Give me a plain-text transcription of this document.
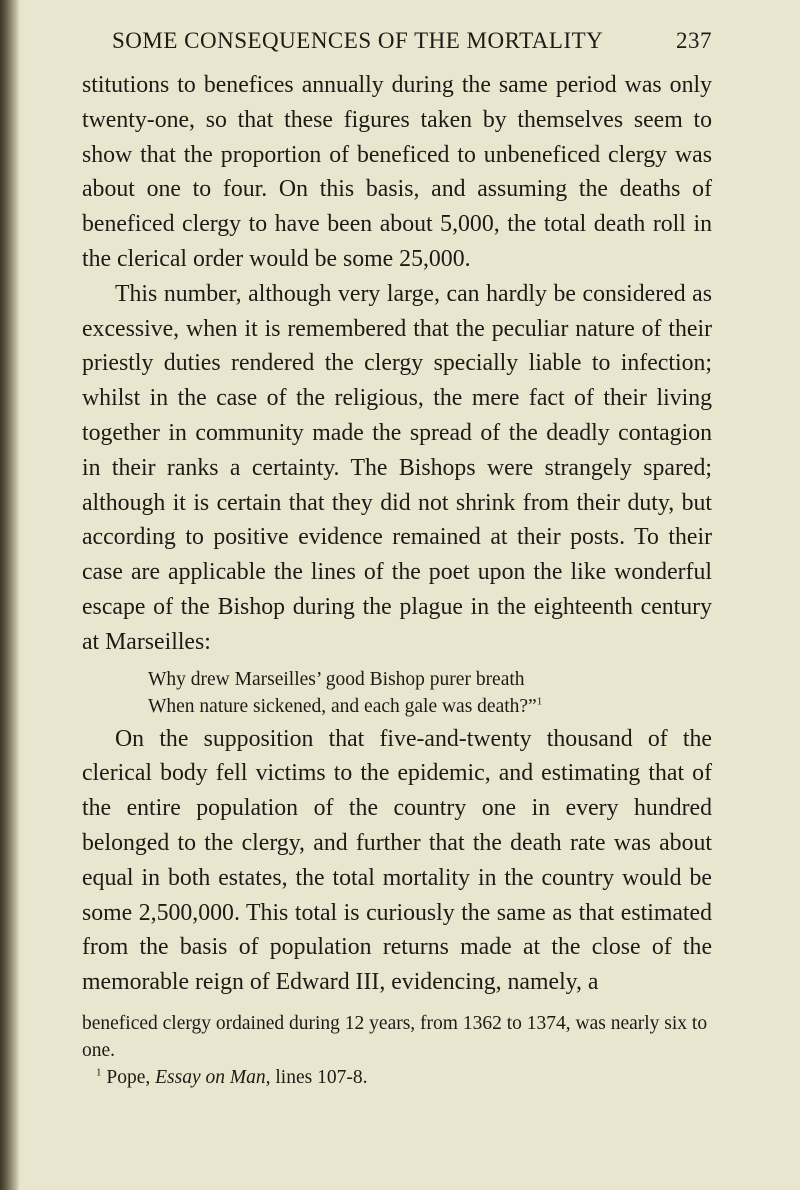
SOME CONSEQUENCES OF THE MORTALITY	237

stitutions to benefices annually during the same period was only twenty-one, so that these figures taken by themselves seem to show that the proportion of beneficed to unbeneficed clergy was about one to four. On this basis, and assuming the deaths of beneficed clergy to have been about 5,000, the total death roll in the clerical order would be some 25,000.

This number, although very large, can hardly be considered as excessive, when it is remembered that the peculiar nature of their priestly duties rendered the clergy specially liable to infection; whilst in the case of the religious, the mere fact of their living together in community made the spread of the deadly contagion in their ranks a certainty. The Bishops were strangely spared; although it is certain that they did not shrink from their duty, but according to positive evidence remained at their posts. To their case are applicable the lines of the poet upon the like wonderful escape of the Bishop during the plague in the eighteenth century at Marseilles:

Why drew Marseilles’ good Bishop purer breath
When nature sickened, and each gale was death?”$^1$

On the supposition that five-and-twenty thousand of the clerical body fell victims to the epidemic, and estimating that of the entire population of the country one in every hundred belonged to the clergy, and further that the death rate was about equal in both estates, the total mortality in the country would be some 2,500,000. This total is curiously the same as that estimated from the basis of population returns made at the close of the memorable reign of Edward III, evidencing, namely, a

beneficed clergy ordained during 12 years, from 1362 to 1374, was nearly six to one.

$^1$ Pope, Essay on Man, lines 107-8.
